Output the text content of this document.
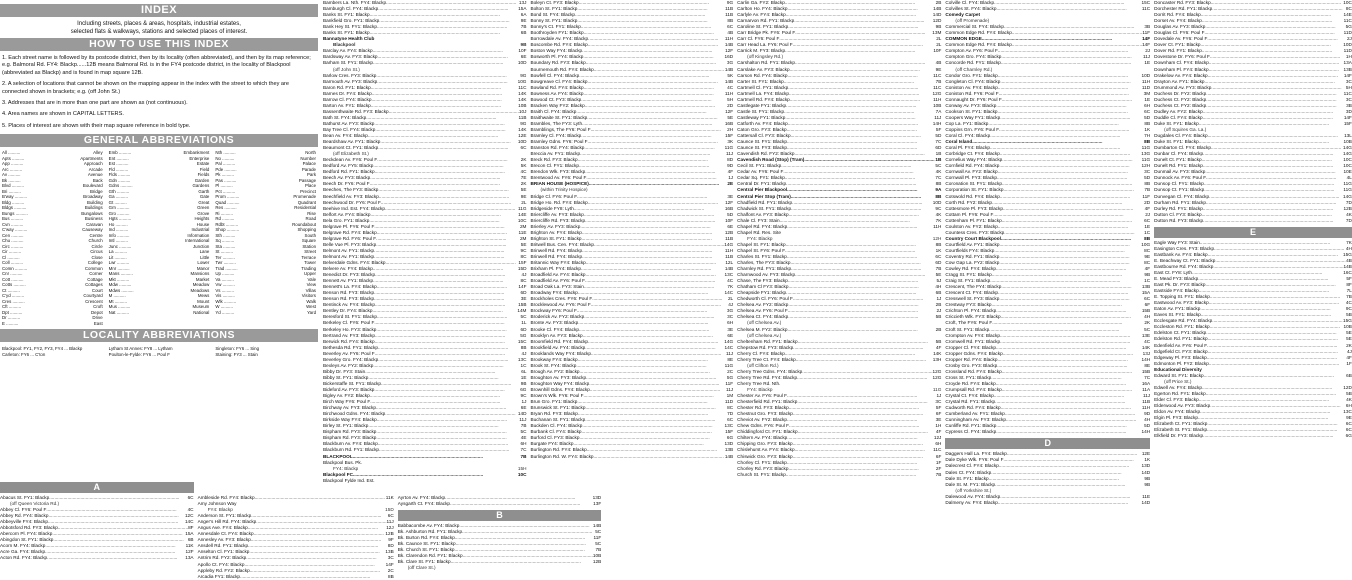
INDEX
Including streets, places & areas, hospitals, industrial estates,
selected flats & walkways, stations and selected places of interest.
HOW TO USE THIS INDEX
1. Each street name is followed by its postcode district, then by its locality (often abbreviated), and then by its map reference; e.g. Balmoral Rd. FY4: Blackp......12B means Balmoral Rd. is in the FY4 postcode district, in the locality of Blackpool (abbreviated as Blackp) and is found in map square 12B.
2. A selection of locations that cannot be shown on the mapping appear in the index with the street to which they are connected shown in brackets; e.g. (off John St.)
3. Addresses that are in more than one part are shown as (not continuous).
4. Area names are shown in CAPITAL LETTERS.
5. Places of interest are shown with their map square reference in bold type.
GENERAL ABBREVIATIONS
All ..........	Alley
Apts ..........	Apartments
App ..........	Approach
Arc ..........	Arcade
Av ..........	Avenue
Bk ..........	Back
Blvd ..........	Boulevard
Bri ..........	Bridge
B'way ..........	Broadway
Bldg ..........	Building
Bldgs ..........	Buildings
Bungs ..........	Bungalows
Bus ..........	Business
Cvn ..........	Caravan
C'way ..........	Causeway
Cen ..........	Centre
Chu ..........	Church
Circ ..........	Circle
Cir ..........	Circus
Cl ..........	Close
Coll ..........	College
Comn ..........	Common
Cnr ..........	Corner
Cott ..........	Cottage
Cotts ..........	Cottages
Ct ..........	Court
C'yd ..........	Courtyard
Cres ..........	Crescent
Cft ..........	Croft
Dpt ..........	Depot
Dr ..........	Drive
E ..........	East
Emb ..........	Embankment
Ent ..........	Enterprise
Est ..........	Estate
Fld ..........	Field
Flds ..........	Fields
Gdn ..........	Garden
Gdns ..........	Gardens
Gth ..........	Garth
Ga ..........	Gate
Gt ..........	Great
Grn ..........	Green
Gro ..........	Grove
Hgts ..........	Heights
Ho ..........	House
Ind ..........	Industrial
Info ..........	Information
Intl ..........	International
Junc ..........	Junction
La ..........	Lane
Lit ..........	Little
Lwr ..........	Lower
Mnr ..........	Manor
Mans ..........	Mansions
Mkt ..........	Market
Mdw ..........	Meadow
Mdws ..........	Meadows
M ..........	Mews
Mt ..........	Mount
Mus ..........	Museum
Nat ..........	National
Nth ..........	North
No ..........	Number
Pal ..........	Palace
Pde ..........	Parade
Pk ..........	Park
Pas ..........	Passage
Pl ..........	Place
Pct ..........	Precinct
Prom ..........	Promenade
Quad ..........	Quadrant
Res ..........	Residential
Ri ..........	Rise
Rd ..........	Road
Rdbt ..........	Roundabout
Shop ..........	Shopping
Sth ..........	South
Sq ..........	Square
Sta ..........	Station
St ..........	Street
Ter ..........	Terrace
Twr ..........	Tower
Trad ..........	Trading
Up ..........	Upper
Va ..........	Vale
Vw ..........	View
Vs ..........	Villas
Vis ..........	Visitors
Wlk ..........	Walk
W ..........	West
Yd ..........	Yard
LOCALITY ABBREVIATIONS
Blackpool: FY1, FY2, FY3, FY4 ... Blackp
Carleton: FY6 ... C'ton
Lytham St Annes: FY8 ... Lytham
Poulton-le-Fylde: FY6 ... Poul F
Singleton: FY6 ... Sing
Staining: FY3 ... Stain
A
Abacus St. FY1: Blackp .....	6C
(off Queen Victoria Rd.)
Abbey Cl. FY6: Poul F .....	4C
Abbey Rd. FY4: Blackp .....	12C
Abbeyville FY4: Blackp .....	14C
Abbotsford Rd. FY3: Blackp .....	8F
Abercorn Pl. FY4: Blackp .....	15A
Abingdon St. FY1: Blackp .....	6B
Acorn M. FY4: Blackp .....	11K
Acre Ga. FY4: Blackp .....	12F
Acton Rd. FY4: Blackp .....	13A
Ambleside Rd. FY4: Blackp .....	11K
Amy Johnson Way
FY4: Blackp	15D
Anderson St. FY1: Blackp .....	6C
Anger's Hill Rd. FY4: Blackp .....	11J
Angus Ave. FY4: Blackp .....	12J
Annesdale Ct. FY4: Blackp .....	12B
Annesley Av. FY3: Blackp .....	9F
Ansdell Rd. FY1: Blackp .....	8D
Anselton Cl. FY1: Blackp .....	13B
Antrim Rd. FY2: Blackp .....	3C
Apollo Ct. FY4: Blackp .....	14F
Appleby Rd. FY2: Blackp .....	2C
Arcadia FY1: Blackp .....	8B
Ayrton Av. FY4: Blackp .....	13D
Aysgarth Ct. FY4: Blackp .....	13F
B
Babbacombe Av. FY4: Blackp .....	14B
Bk. Ashburton Rd. FY1: Blackp .....	5C
Bk. Burton Rd. FY4: Blackp .....	11F
Bk. Caunce St. FY1: Blackp .....	5C
Bk. Church St. FY1: Blackp .....	7B
Bk. Clarendon Rd. FY1: Blackp .....	10B
Bk. Clare St. FY1: Blackp .....	12B
(off Clare St.)
Bambers La. Nth. FY4: Blackp .....	13J
Bamburgh Cl. FY4: Blackp .....	15A
Banks St. FY1: Blackp .....	6A
Bankfield Gro. FY1: Blackp .....	9E
Bank Hey St. FY1: Blackp .....	7B
Banks St. FY1: Blackp .....	6B
Bannatyne Health Club
Blackpool	9B
Barclay Av. FY4: Blackp .....	10F
Bardsway Av. FY3: Blackp .....	6E
Barham St. FY1: Blackp .....	10D
(off John St.)
Barlow Cres. FY3: Blackp .....	9G
Barmouth Av. FY3: Blackp .....	10G
Baron Rd. FY1: Blackp .....	11C
Barnes Dr. FY4: Blackp .....	14K
Barrow Cl. FY4: Blackp .....	14K
Barton Av. FY1: Blackp .....	10B
Bassenthwaite Rd. FY3: Blackp .....	10J
Bath St. FY4: Blackp .....	11B
Bathurst Av. FY3: Blackp .....	9G
Bay Tree Cl. FY4: Blackp .....	14K
Bean Av. FY4: Blackp .....	12E
Beardshaw Av. FY1: Blackp .....	10D
Beaumont Ct. FY1: Blackp .....	6C
(off Elizabeth St.)
Beckdean Av. FY6: Poul F .....	2K
Bedford Av. FY5: Blackp .....	5K
Bedford Rd. FY1: Blackp .....	4C
Beech Av. FY3: Blackp .....	7E
Beech Dr. FY6: Poul F .....	2K
Beeches, The FY3: Blackp .....	5E
Beechfield Av. FY3: Blackp .....	9E
Beechwood Dr. FY6: Poul F .....	2L
Beehive Ind. Est. FY4: Blackp .....	11G
Belfort Av. FY4: Blackp .....	14E
Bela Gro. FY1: Blackp .....	10C
Belgrave Pl. FY6: Poul F .....	2M
Belgrave Rd. FY4: Blackp .....	11E
Belgrave Rd. FY6: Poul F .....	2M
Belle Vue Pl. FY3: Blackp .....	5E
Belmont Av. FY1: Blackp .....	9C
Belmont Av. FY1: Blackp .....	8C
Belverdale Gdns. FY4: Blackp .....	15F
Belvere Av. FY4: Blackp .....	15D
Benedict Dr. FY3: Blackp .....	4J
Bennett Av. FY1: Blackp .....	8C
Bennett's La. FY4: Blackp .....	14F
Benson Rd. FY3: Blackp .....	6D
Benson Rd. FY3: Blackp .....	3E
Bentinck Av. FY4: Blackp .....	15B
Bentley Dr. FY4: Blackp .....	14M
Beresford St. FY1: Blackp .....	5C
Berkeley Cl. FY6: Poul F .....	1L
Berkeley Ho. FY3: Blackp .....	6D
Bertrand Av. FY3: Blackp .....	5G
Berwick Rd. FY4: Blackp .....	15C
Bethesda Rd. FY1: Blackp .....	8B
Beverley Av. FY6: Poul F .....	4J
Beverley Gro. FY4: Blackp .....	13C
Bexleys Av. FY2: Blackp .....	1C
Bibby Dr. FY3: Stain .....	6L
Bibby St. FY1: Blackp .....	1E
Bickerstaffe St. FY1: Blackp .....	9B
Bideford Av. FY3: Blackp .....	6G
Bigley Av. FY2: Blackp .....	9C
Birch Way FY6: Poul F .....	1J
Birchway Av. FY3: Blackp .....	6E
Birchwood Gdns. FY4: Blackp .....	14D
Birkside Way FY4: Blackp .....	11J
Birley St. FY1: Blackp .....	7B
Bispham Rd. FY3: Blackp .....	5C
Bispham Rd. FY3: Blackp .....	4E
Blackburn Av. FY4: Blackp .....	6H
Blackburn Rd. FY1: Blackp .....	7C
BLACKPOOL .....	7B
Blackpool Bus. Pk.
FY4: Blackp	15H
Blackpool FC .....	10C
Blackpool Fylde Ind. Est.
Boleyn Ct. FY3: Blackp .....	9G
Bolton St. FY1: Blackp .....	11B
Bond St. FY4: Blackp .....	11B
Bonny St. FY1: Blackp .....	8B
Bonny's Ct. FY1: Blackp .....	6C
Boothroyden FY1: Blackp .....	4B
Borrowdale Av. FY4: Blackp .....	11H
Boscombe Rd. FY4: Blackp .....	14B
Boston Way FY4: Blackp .....	12F
Bosworth Pl. FY4: Blackp .....	16D
Boundary Rd. FY3: Blackp .....	3G
Bournemouth Rd. FY4: Blackp .....	14B
Bowfell Cl. FY4: Blackp .....	5K
Bowgreave Cl. FY4: Blackp .....	14B
Bowland Rd. FY4: Blackp .....	4C
Bowness Av. FY4: Blackp .....	11H
Bowood Ct. FY3: Blackp .....	5H
Bracken Way FY2: Blackp .....	2D
Braith Cl. FY4: Blackp .....	12F
Braithwaite St. FY1: Blackp .....	5E
Brambles, The FY3: Lyth .....	16B
Bramblings, The FY6: Poul F .....	2H
Bramley Cl. FY4: Blackp .....	15F
Bramley Gdns. FY6: Poul F .....	3K
Branston Rd. FY4: Blackp .....	11G
Breccia Av. FY1: Blackp .....	11J
Breck Rd. FY3: Blackp .....	8D
Brecon Cl. FY1: Blackp .....	9D
Brendon Wlk. FY3: Blackp .....	4F
Brentwood Av. FY6: Poul F .....	1J
BRIAN HOUSE (HOSPICE) .....	2E
(within Trinity Hospice)
Bridge Cl. FY6: Poul F .....	3E
Bridge Ho. Rd. FY4: Blackp .....	12F
Bridgeside FY8: Lyth .....	16B
Briercliffe Av. FY3: Blackp .....	5D
Briercliffe Rd. FY3: Blackp .....	10F
Brierley Av. FY3: Blackp .....	6E
Brighton Av. FY4: Blackp .....	12B
Brighton St. FY1: Blackp .....	11B
Britwell Bus. Cen. FY4: Blackp .....	14G
Brinwell Rd. FY4: Blackp .....	11H
Brinwell Rd. FY4: Blackp .....	11B
Britannic Way FY4: Blackp .....	12L
Brixham Pl. FY4: Blackp .....	14B
Broadfield Av. FY4: Blackp .....	13C
Broadfield Av. FY6: Poul F .....	4C
Broad Oak La. FY3: Stain .....	7K
Broadway FY4: Blackp .....	14C
Brockholes Cres. FY6: Poul F .....	2L
Brocklewood Av. FY6: Poul F .....	4J
Brockway FY6: Poul F .....	3G
Broderick Av. FY2: Blackp .....	3C
Bronte Av. FY3: Blackp .....	6H
Brooke Cl. FY4: Blackp .....	3E
Brooklyn Av. FY3: Blackp .....	6E
Broomfield Rd. FY4: Blackp .....	14G
Brookfield Av. FY4: Blackp .....	14C
Brooklands Way FY4: Blackp .....	11J
Brookway FY4: Blackp .....	8E
Brook St. FY4: Blackp .....	11G
Brough Av. FY2: Blackp .....	2C
Broughton Av. FY3: Blackp .....	5G
Broughton Way FY4: Blackp .....	11F
Brownhill Gdns. FY4: Blackp .....	11J
Brown's Wlk. FY6: Poul F .....	1M
Brun Gro. FY1: Blackp .....	11D
Brunswick St. FY1: Blackp .....	8C
Bryan Rd. FY3: Blackp .....	7D
Buchanan St. FY1: Blackp .....	6C
Buckden Cl. FY4: Blackp .....	13C
Burbank Cl. FY4: Blackp .....	15F
Burford Cl. FY3: Blackp .....	6G
Burgate FY4: Blackp .....	13D
Burlington Rd. FY4: Blackp .....	13B
Burlington Rd. W. FY4: Blackp .....	14B
Carlin Ga. FY2: Blackp .....	2B
Carlton Ho. FY4: Blackp .....	14B
Carlyle Av. FY4: Blackp .....	14D
Carnarvon Rd. FY1: Blackp .....	12D
Caroline St. FY1: Blackp .....	9B
Carr Bridge Pk. FY6: Poul F .....	13M
Carr Cl. FY6: Poul F .....	2L
Carr Head La. FY6: Poul F .....	2L
Carrick M. FY3: Blackp .....	10F
(off Kingsley Rd.)
Carshalton Rd. FY1: Blackp .....	4B
Carslake Av. FY3: Blackp .....	9E
Carson Rd. FY4: Blackp .....	11C
Carter St. FY1: Blackp .....	7B
Cartmell Cl. FY1: Blackp .....	11C
Cartmell La. FY4: Blackp .....	12G
Cartmell Rd. FY4: Blackp .....	11H
Castlegate FY1: Blackp .....	10B
Castle St. FY1: Blackp .....	7A
Castleway FY1: Blackp .....	11J
Catforth Av. FY4: Blackp .....	14H
Caton Gro. FY3: Blackp .....	5F
Cattersall Cl. FY3: Blackp .....	5D
Caunce St. FY1: Blackp .....	7C
Caunce St. FY3: Blackp .....	6D
Cavendish Rd. FY2: Blackp .....	1B
Cavendish Road (Stop) (Tram) .....	1B
Cecil St. FY1: Blackp .....	5C
Cedar Av. FY6: Poul F .....	4K
Cedar Sq. FY1: Blackp .....	7C
Central Dr. FY1: Blackp .....	8B
Central Pier Blackpool .....	9A
Central Pier Stop (Tram) .....	8B
Chadfield Rd. FY1: Blackp .....	10D
Chadwick St. FY1: Blackp .....	9C
Chalfont Av. FY3: Blackp .....	4K
Chale Cl. FY3: Stain .....	7K
Chapel Rd. FY4: Blackp .....	11H
Chapel Rd. Res. Site
FY4: Blackp	12H
Chapel St. FY1: Blackp .....	8B
Chapel St. FY6: Poul F .....	1K
Charles St. FY1: Blackp .....	6C
Charles, The FY3: Blackp .....	6D
Charnley Rd. FY1: Blackp .....	7B
Charnwood Av. FY3: Blackp .....	5E
Chase, The FY3: Blackp .....	5J
Chatham Cl FY3: Blackp .....	4H
Cheapside FY1: Blackp .....	6B
Chedworth Cl. FY6: Poul F .....	1J
Chelsea Av. FY2: Blackp .....	2B
Chelsea Av. FY6: Poul F .....	2J
Chelsea Ct. FY4: Blackp .....	5B
(off Chelsea Av.)
Chelsea M. FY2: Blackp .....	2B
(off Chelsea Av.)
Cheltenham Rd. FY1: Blackp .....	5B
Chepstow Rd. FY3: Blackp .....	4F
Cherry Cl. FY4: Blackp .....	14K
Cherry Tree Ct. FY4: Blackp .....	13H
(off Clifton Rd.)
Cherry Tree Gdns. FY4: Blackp .....	12G
Cherry Tree Rd. FY4: Blackp .....	12G
Cherry Tree Rd. Nth.
FY4: Blackp	11G
Chester Av. FY6: Poul F .....	1J
Chesterfield Rd. FY1: Blackp .....	3C
Chester Rd. FY3: Blackp .....	5F
Chestnut Gro. FY3: Blackp .....	6F
Cheviot Av. FY2: Blackp .....	3E
Chew Gdns. FY6: Poul F .....	1H
Chiddingford Ct. FY1: Blackp .....	4F
Chiltern Av. FY4: Blackp .....	12J
Chipping Gro. FY3: Blackp .....	6H
Chislehurst Av. FY4: Blackp .....	11C
Chiswick Gro. FY3: Blackp .....	6F
Chorley Cl. FY1: Blackp .....	1F
Chorley Rd. FY3: Blackp .....	2F
Church St. FY1: Blackp .....	7B
Colville Cl. FY4: Blackp .....	15C
Colvilles St. FY4: Blackp .....	11C
Comedy Carpet
(off Promenade)
Commercial St. FY4: Blackp .....	3B
Common Edge Rd. FY4: Blackp .....	11F
COMMON EDGE .....	14F
Common Edge Rd. FY4: Blackp .....	14F
Compton Av. FY6: Poul F .....	2J
Compton Gro. FY4: Blackp .....	11J
Concorde Rd. FY1: Blackp .....	1E
(off Charnley Rd.)
Condor Gro. FY1: Blackp .....	10D
Congleton Cl. FY4: Blackp .....	11H
Coniston Av. FY4: Blackp .....	11D
Coniston Rd. FY6: Poul F .....	3M
Connaught Dr. FY6: Poul F .....	1E
Conway Av. FY3: Blackp .....	6H
Cookson St. FY1: Blackp .....	6C
Coopers Way FY1: Blackp .....	5D
Cop La. FY1: Blackp .....	8B
Coppins Grn. FY6: Poul F .....	1K
Coral Cl. FY4: Blackp .....	7H
Coral Island .....	8B
Coral Pl. FY4: Blackp .....	11G
Corbridge Ct. FY4: Blackp .....	13G
Cornelius Way FY4: Blackp .....	11G
Cornfield Rd. FY4: Blackp .....	12H
Cornwall Av. FY2: Blackp .....	3C
Cornwall Pl. FY3: Blackp .....	5D
Coronation St. FY1: Blackp .....	8B
Corporation St. FY1: Blackp .....	7B
Cotswold Rd. FY4: Blackp .....	11F
Corth Rd. FY2: Blackp .....	2D
Cottesmore Pl. FY3: Blackp .....	4F
Cottam Pl. FY6: Poul F .....	2J
Cottenham Pl. FY1: Blackp .....	6C
Coulston Av. FY2: Blackp .....	1E
Countess Cres. FY3: Blackp .....	1C
Country Court Blackpool .....	8B
Courtfield Av. FY1: Blackp .....	10G
Courtfields FY4: Blackp .....	8C
Coventry Rd. FY1: Blackp .....	9E
Cow Gap La. FY2: Blackp .....	8C
Cowley Rd. FY4: Blackp .....	4F
Cragg St. FY1: Blackp .....	9B
Craig St. FY1: Blackp .....	1C
Crescent, The FY4: Blackp .....	13B
Crescent Ct. FY4: Blackp .....	15A
Cresswell St. FY3: Blackp .....	6C
Crestway FY3: Blackp .....	6F
Crichton Pl. FY4: Blackp .....	15B
Criccieth Wlk. FY3: Blackp .....	4H
Croft, The FY6: Poul F .....	2K
Croft St. FY1: Blackp .....	5C
Crompton Av. FY4: Blackp .....	13E
Cromwell Rd. FY1: Blackp .....	4C
Cropper Cl. FY4: Blackp .....	14K
Cropper Gdns. FY4: Blackp .....	13J
Cropper Rd. FY4: Blackp .....	14H
Crosby Gro. FY3: Blackp .....	8E
Crossland Rd. FY4: Blackp .....	15B
Cross St. FY1: Blackp .....	7C
Croyde Rd. FY4: Blackp .....	16A
Crumpsall Rd. FY4: Blackp .....	11A
Crystal Ct. FY4: Blackp .....	11J
Crystal Rd. FY1: Blackp .....	11B
Cudworth Rd. FY4: Blackp .....	11H
Cumberland Av. FY1: Blackp .....	9D
Cunningham Av. FY3: Blackp .....	4H
Cunliffe Rd. FY1: Blackp .....	5D
Cypress Cl. FY4: Blackp .....	14H
D
Daggers Hall La. FY4: Blackp .....	12E
Dale Dyke Wlk. FY6: Poul F .....	1K
Dalecrest Cl. FY4: Blackp .....	13D
Dales Ct. FY4: Blackp .....	14D
Dale St. FY1: Blackp .....	9B
Dale St. M. FY1: Blackp .....	9B
(off Yorkshire St.)
Dalewood Av. FY4: Blackp .....	11E
Dalmeny Av. FY4: Blackp .....	14D
Doncaster Rd. FY3: Blackp .....	10C
Dorchester Rd. FY1: Blackp .....	8C
Dorrit Rd. FY4: Blackp .....	14E
Dorset Av. FY4: Blackp .....	11C
Douglas Av. FY3: Blackp .....	5G
Douglas Cl. FY6: Poul F .....	11D
Dovedale Av. FY6: Poul F .....	2J
Dover Ct. FY1: Blackp .....	10D
Dover Rd. FY1: Blackp .....	11D
Dovestone Dr. FY6: Poul F .....	1H
Downham Cl. FY4: Blackp .....	13A
Downham Pl. FY4: Blackp .....	13B
Drakelow Av. FY4: Blackp .....	14F
Drayton Av. FY1: Blackp .....	3C
Drummond Av. FY3: Blackp .....	5H
Duchess Dr. FY2: Blackp .....	11C
Duchess Ct. FY2: Blackp .....	3C
Duchess Ct. FY2: Blackp .....	3B
Dudley Av. FY2: Blackp .....	3D
Duddle Cl. FY4: Blackp .....	14F
Duke St. FY1: Blackp .....	15F
(off Squires Ga. La.)
Dugdales Cl. FY4: Blackp .....	13L
Duke St. FY1: Blackp .....	10B
Dumbarton Cl. FY4: Blackp .....	14G
Dunbar Cl. FY4: Blackp .....	14G
Dunelt Ct. FY1: Blackp .....	10C
Dunelt Rd. FY1: Blackp .....	10C
Dunmail Av. FY3: Blackp .....	10E
Dunnock Av. FY6: Poul F .....	4L
Dunsop Cl. FY1: Blackp .....	11G
Dunsop Ct. FY1: Blackp .....	11G
Dunvegan Cl. FY4: Blackp .....	14G
Durham Rd. FY1: Blackp .....	7D
Durley Rd. FY1: Blackp .....	12B
Dutton Cl. FY3: Blackp .....	4K
Dutton Rd. FY3: Blackp .....	7D
E
Eagle Way FY3: Stain .....	7K
Easington Cres. FY3: Blackp .....	4H
Eastbank Av. FY4: Blackp .....	15G
E. Beachway Ct. FY1: Blackp .....	4B
Eastbourne Rd. FY4: Blackp .....	14B
East Ct. FY8: Lyth .....	16C
E. Mead FY3: Blackp .....	5F
East Pk. Dr. FY3: Blackp .....	8F
Eastside FY4: Blackp .....	7L
E. Topping St. FY1: Blackp .....	7B
Eastwood Av. FY3: Blackp .....	4C
Eaton Av. FY1: Blackp .....	9C
Eaves St. FY1: Blackp .....	5B
Ecclesgate Rd. FY4: Blackp .....	15G
Eccleston Rd. FY1: Blackp .....	10B
Edelston Ct. FY1: Blackp .....	5E
Edelston Rd. FY1: Blackp .....	5E
Edenfield Av. FY6: Poul F .....	2K
Edgefield Ct. FY3: Blackp .....	4J
Edgeway Pl. FY3: Blackp .....	4F
Edmonton Pl. FY2: Blackp .....	1F
Educational Diversity
Edward St. FY1: Blackp .....	6B
(off Price St.)
Edwell Av. FY4: Blackp .....	12D
Egerton Rd. FY1: Blackp .....	5B
Elder Cl. FY3: Blackp .....	4K
Elderwood Av. FY3: Blackp .....	6H
Eldon Av. FY4: Blackp .....	13C
Elgin Pl. FY3: Blackp .....	9E
Elizabeth Ct. FY1: Blackp .....	6C
Elizabeth St. FY1: Blackp .....	6C
Elkfield Dr. FY3: Blackp .....	6G
